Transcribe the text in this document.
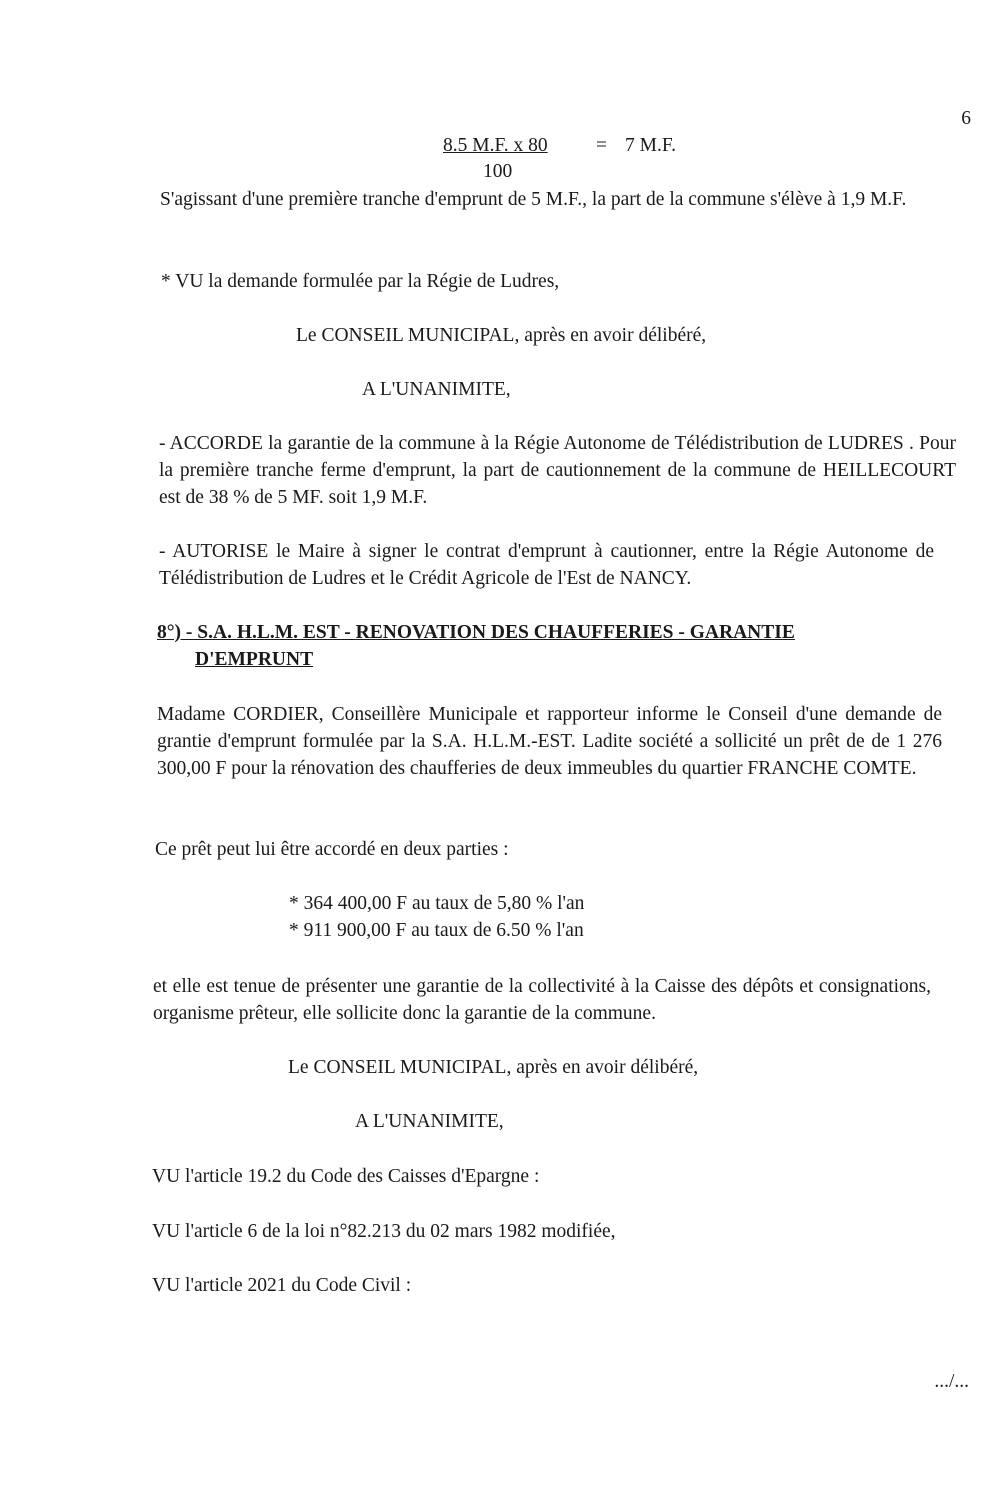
6
8.5 M.F. x 80 = 7 M.F.
100
S'agissant d'une première tranche d'emprunt de 5 M.F., la part de la commune s'élève à 1,9 M.F.
* VU la demande formulée par la Régie de Ludres,
Le CONSEIL MUNICIPAL, après en avoir délibéré,
A L'UNANIMITE,
- ACCORDE la garantie de la commune à la Régie Autonome de Télédistribution de LUDRES . Pour la première tranche ferme d'emprunt, la part de cautionnement de la commune de HEILLECOURT est de 38 % de 5 MF. soit 1,9 M.F.
- AUTORISE le Maire à signer le contrat d'emprunt à cautionner, entre la Régie Autonome de Télédistribution de Ludres et le Crédit Agricole de l'Est de NANCY.
8°) - S.A. H.L.M. EST - RENOVATION DES CHAUFFERIES - GARANTIE
D'EMPRUNT
Madame CORDIER, Conseillère Municipale et rapporteur informe le Conseil d'une demande de grantie d'emprunt formulée par la S.A. H.L.M.-EST. Ladite société a sollicité un prêt de de 1 276 300,00 F pour la rénovation des chaufferies de deux immeubles du quartier FRANCHE COMTE.
Ce prêt peut lui être accordé en deux parties :
* 364 400,00 F au taux de 5,80 % l'an
* 911 900,00 F au taux de 6.50 % l'an
et elle est tenue de présenter une garantie de la collectivité à la Caisse des dépôts et consignations, organisme prêteur, elle sollicite donc la garantie de la commune.
Le CONSEIL MUNICIPAL, après en avoir délibéré,
A L'UNANIMITE,
VU l'article 19.2 du Code des Caisses d'Epargne :
VU l'article 6 de la loi n°82.213 du 02 mars 1982 modifiée,
VU l'article 2021 du Code Civil :
.../...
